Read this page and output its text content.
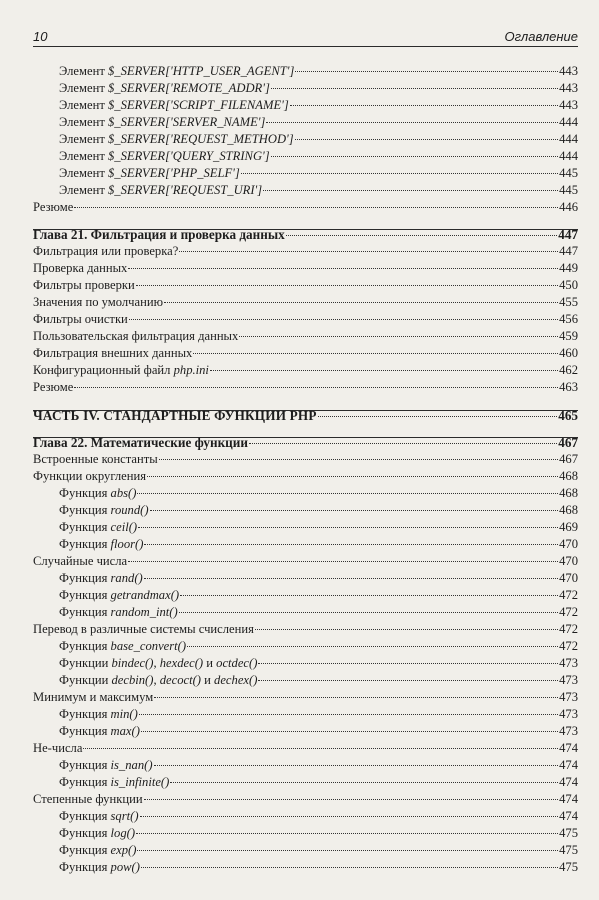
10	Оглавление
Элемент $_SERVER['HTTP_USER_AGENT']	443
Элемент $_SERVER['REMOTE_ADDR']	443
Элемент $_SERVER['SCRIPT_FILENAME']	443
Элемент $_SERVER['SERVER_NAME']	444
Элемент $_SERVER['REQUEST_METHOD']	444
Элемент $_SERVER['QUERY_STRING']	444
Элемент $_SERVER['PHP_SELF']	445
Элемент $_SERVER['REQUEST_URI']	445
Резюме	446
Глава 21. Фильтрация и проверка данных	447
Фильтрация или проверка?	447
Проверка данных	449
Фильтры проверки	450
Значения по умолчанию	455
Фильтры очистки	456
Пользовательская фильтрация данных	459
Фильтрация внешних данных	460
Конфигурационный файл php.ini	462
Резюме	463
ЧАСТЬ IV. СТАНДАРТНЫЕ ФУНКЦИИ PHP	465
Глава 22. Математические функции	467
Встроенные константы	467
Функции округления	468
Функция abs()	468
Функция round()	468
Функция ceil()	469
Функция floor()	470
Случайные числа	470
Функция rand()	470
Функция getrandmax()	472
Функция random_int()	472
Перевод в различные системы счисления	472
Функция base_convert()	472
Функции bindec(), hexdec() и octdec()	473
Функции decbin(), decoct() и dechex()	473
Минимум и максимум	473
Функция min()	473
Функция max()	473
Не-числа	474
Функция is_nan()	474
Функция is_infinite()	474
Степенные функции	474
Функция sqrt()	474
Функция log()	475
Функция exp()	475
Функция pow()	475
